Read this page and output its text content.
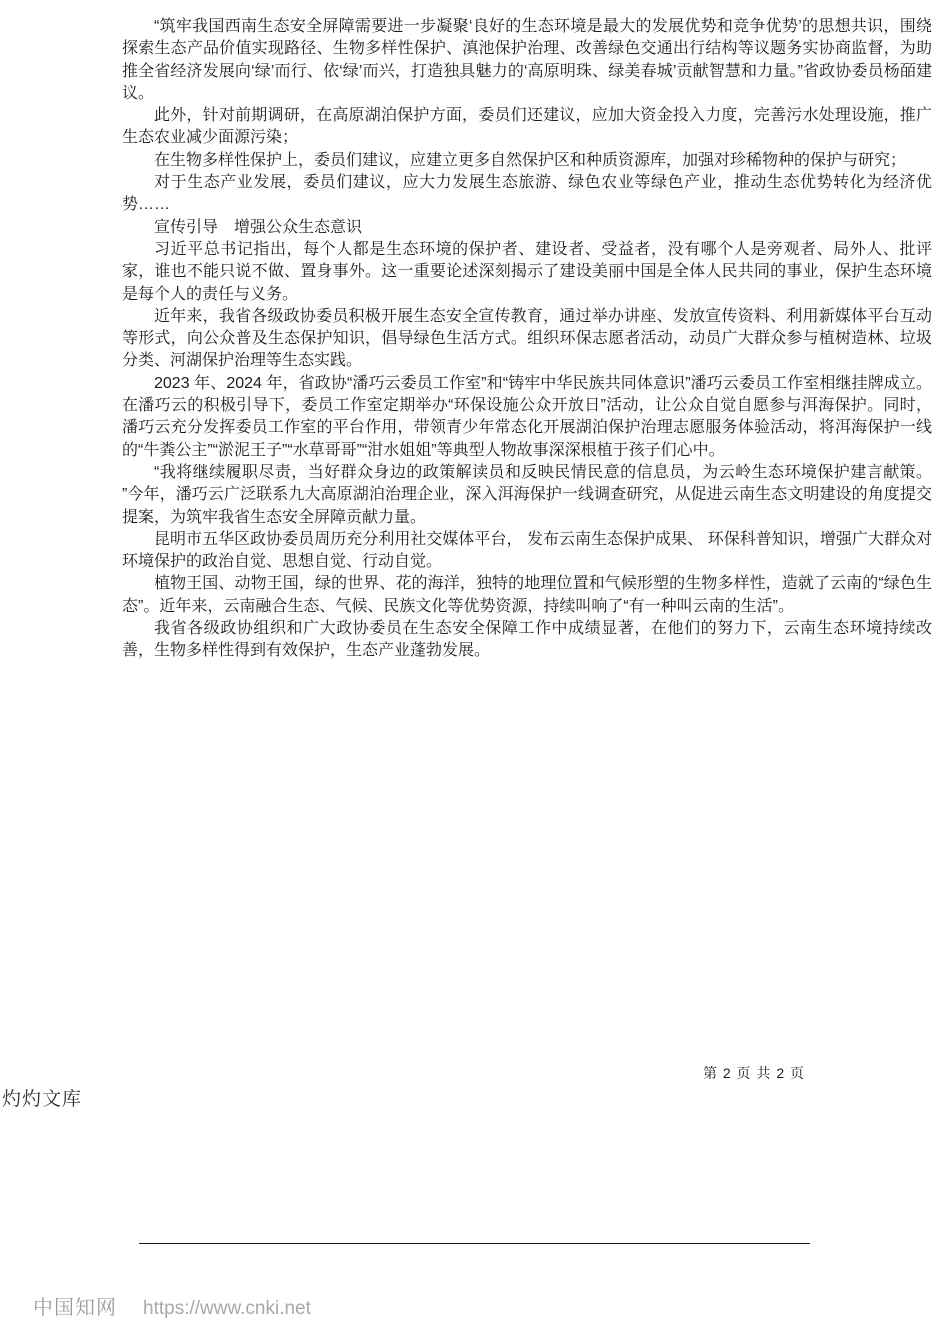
“筑牢我国西南生态安全屏障需要进一步凝聚‘良好的生态环境是最大的发展优势和竞争优势’的思想共识，围绕探索生态产品价值实现路径、生物多样性保护、滇池保护治理、改善绿色交通出行结构等议题务实协商监督，为助推全省经济发展向‘绿’而行、依‘绿’而兴，打造独具魅力的‘高原明珠、绿美春城’贡献智慧和力量。”省政协委员杨皕建议。

此外，针对前期调研，在高原湖泊保护方面，委员们还建议，应加大资金投入力度，完善污水处理设施，推广生态农业减少面源污染；

在生物多样性保护上，委员们建议，应建立更多自然保护区和种质资源库，加强对珍稀物种的保护与研究；

对于生态产业发展，委员们建议，应大力发展生态旅游、绿色农业等绿色产业，推动生态优势转化为经济优势……

宣传引导　增强公众生态意识

习近平总书记指出，每个人都是生态环境的保护者、建设者、受益者，没有哪个人是旁观者、局外人、批评家，谁也不能只说不做、置身事外。这一重要论述深刻揭示了建设美丽中国是全体人民共同的事业，保护生态环境是每个人的责任与义务。

近年来，我省各级政协委员积极开展生态安全宣传教育，通过举办讲座、发放宣传资料、利用新媒体平台互动等形式，向公众普及生态保护知识，倡导绿色生活方式。组织环保志愿者活动，动员广大群众参与植树造林、垃圾分类、河湖保护治理等生态实践。

2023 年、2024 年，省政协“潘巧云委员工作室”和“铸牢中华民族共同体意识”潘巧云委员工作室相继挂牌成立。在潘巧云的积极引导下，委员工作室定期举办“环保设施公众开放日”活动，让公众自觉自愿参与洱海保护。同时，潘巧云充分发挥委员工作室的平台作用，带领青少年常态化开展湖泊保护治理志愿服务体验活动，将洱海保护一线的“牛粪公主”“淤泥王子”“水草哥哥”“泔水姐姐”等典型人物故事深深根植于孩子们心中。

“我将继续履职尽责，当好群众身边的政策解读员和反映民情民意的信息员，为云岭生态环境保护建言献策。 ”今年，潘巧云广泛联系九大高原湖泊治理企业，深入洱海保护一线调查研究，从促进云南生态文明建设的角度提交提案，为筑牢我省生态安全屏障贡献力量。

昆明市五华区政协委员周历充分利用社交媒体平台， 发布云南生态保护成果、 环保科普知识，增强广大群众对环境保护的政治自觉、思想自觉、行动自觉。

植物王国、动物王国，绿的世界、花的海洋，独特的地理位置和气候形塑的生物多样性，造就了云南的“绿色生态”。近年来，云南融合生态、气候、民族文化等优势资源，持续叫响了“有一种叫云南的生活”。

我省各级政协组织和广大政协委员在生态安全保障工作中成绩显著，在他们的努力下，云南生态环境持续改善，生物多样性得到有效保护，生态产业蓬勃发展。

第 2 页 共 2 页
灼灼文库
中国知网 https://www.cnki.net
